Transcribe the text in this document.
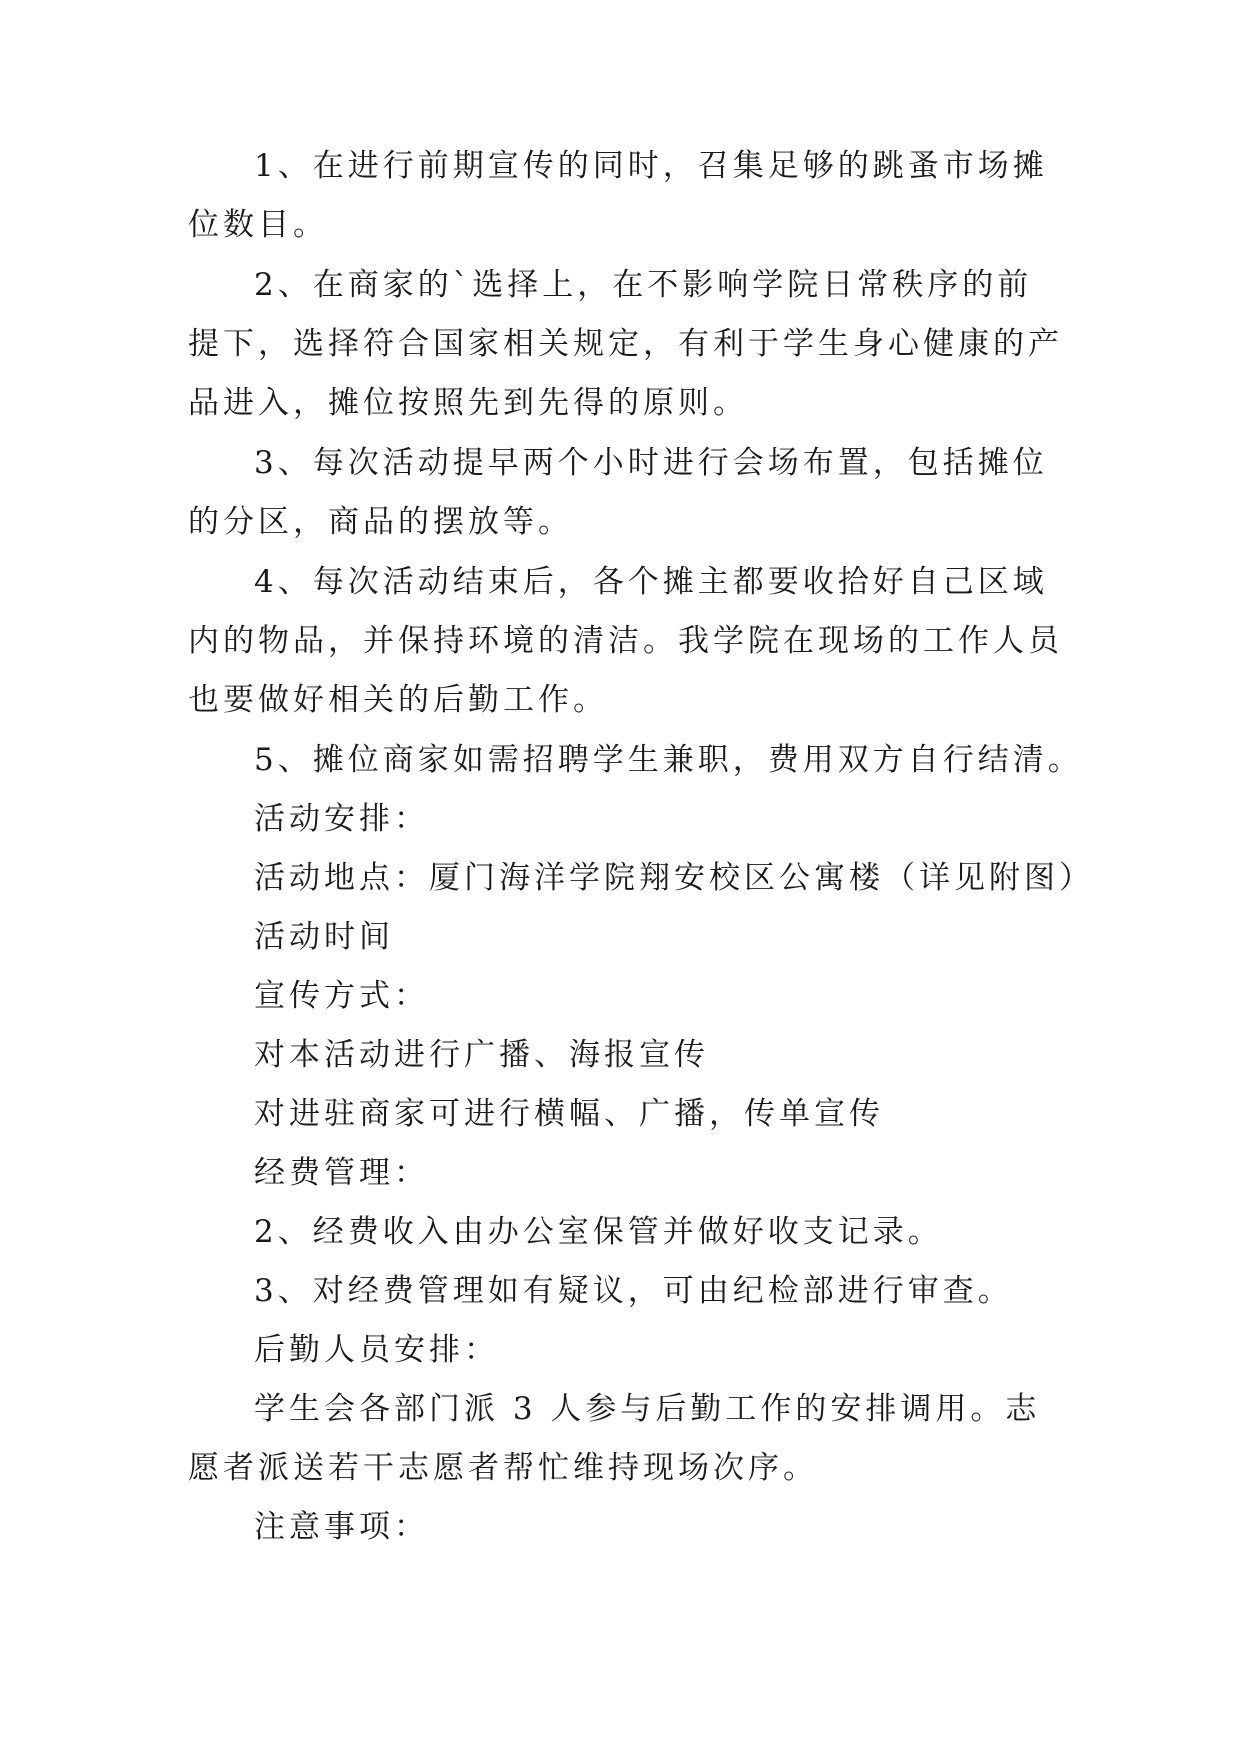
1、在进行前期宣传的同时，召集足够的跳蚤市场摊位数目。

2、在商家的`选择上，在不影响学院日常秩序的前提下，选择符合国家相关规定，有利于学生身心健康的产品进入，摊位按照先到先得的原则。

3、每次活动提早两个小时进行会场布置，包括摊位的分区，商品的摆放等。

4、每次活动结束后，各个摊主都要收拾好自己区域内的物品，并保持环境的清洁。我学院在现场的工作人员也要做好相关的后勤工作。

5、摊位商家如需招聘学生兼职，费用双方自行结清。

活动安排：

活动地点：厦门海洋学院翔安校区公寓楼（详见附图）

活动时间

宣传方式：

对本活动进行广播、海报宣传

对进驻商家可进行横幅、广播，传单宣传

经费管理：

2、经费收入由办公室保管并做好收支记录。

3、对经费管理如有疑议，可由纪检部进行审查。

后勤人员安排：

学生会各部门派 3 人参与后勤工作的安排调用。志愿者派送若干志愿者帮忙维持现场次序。

注意事项：
